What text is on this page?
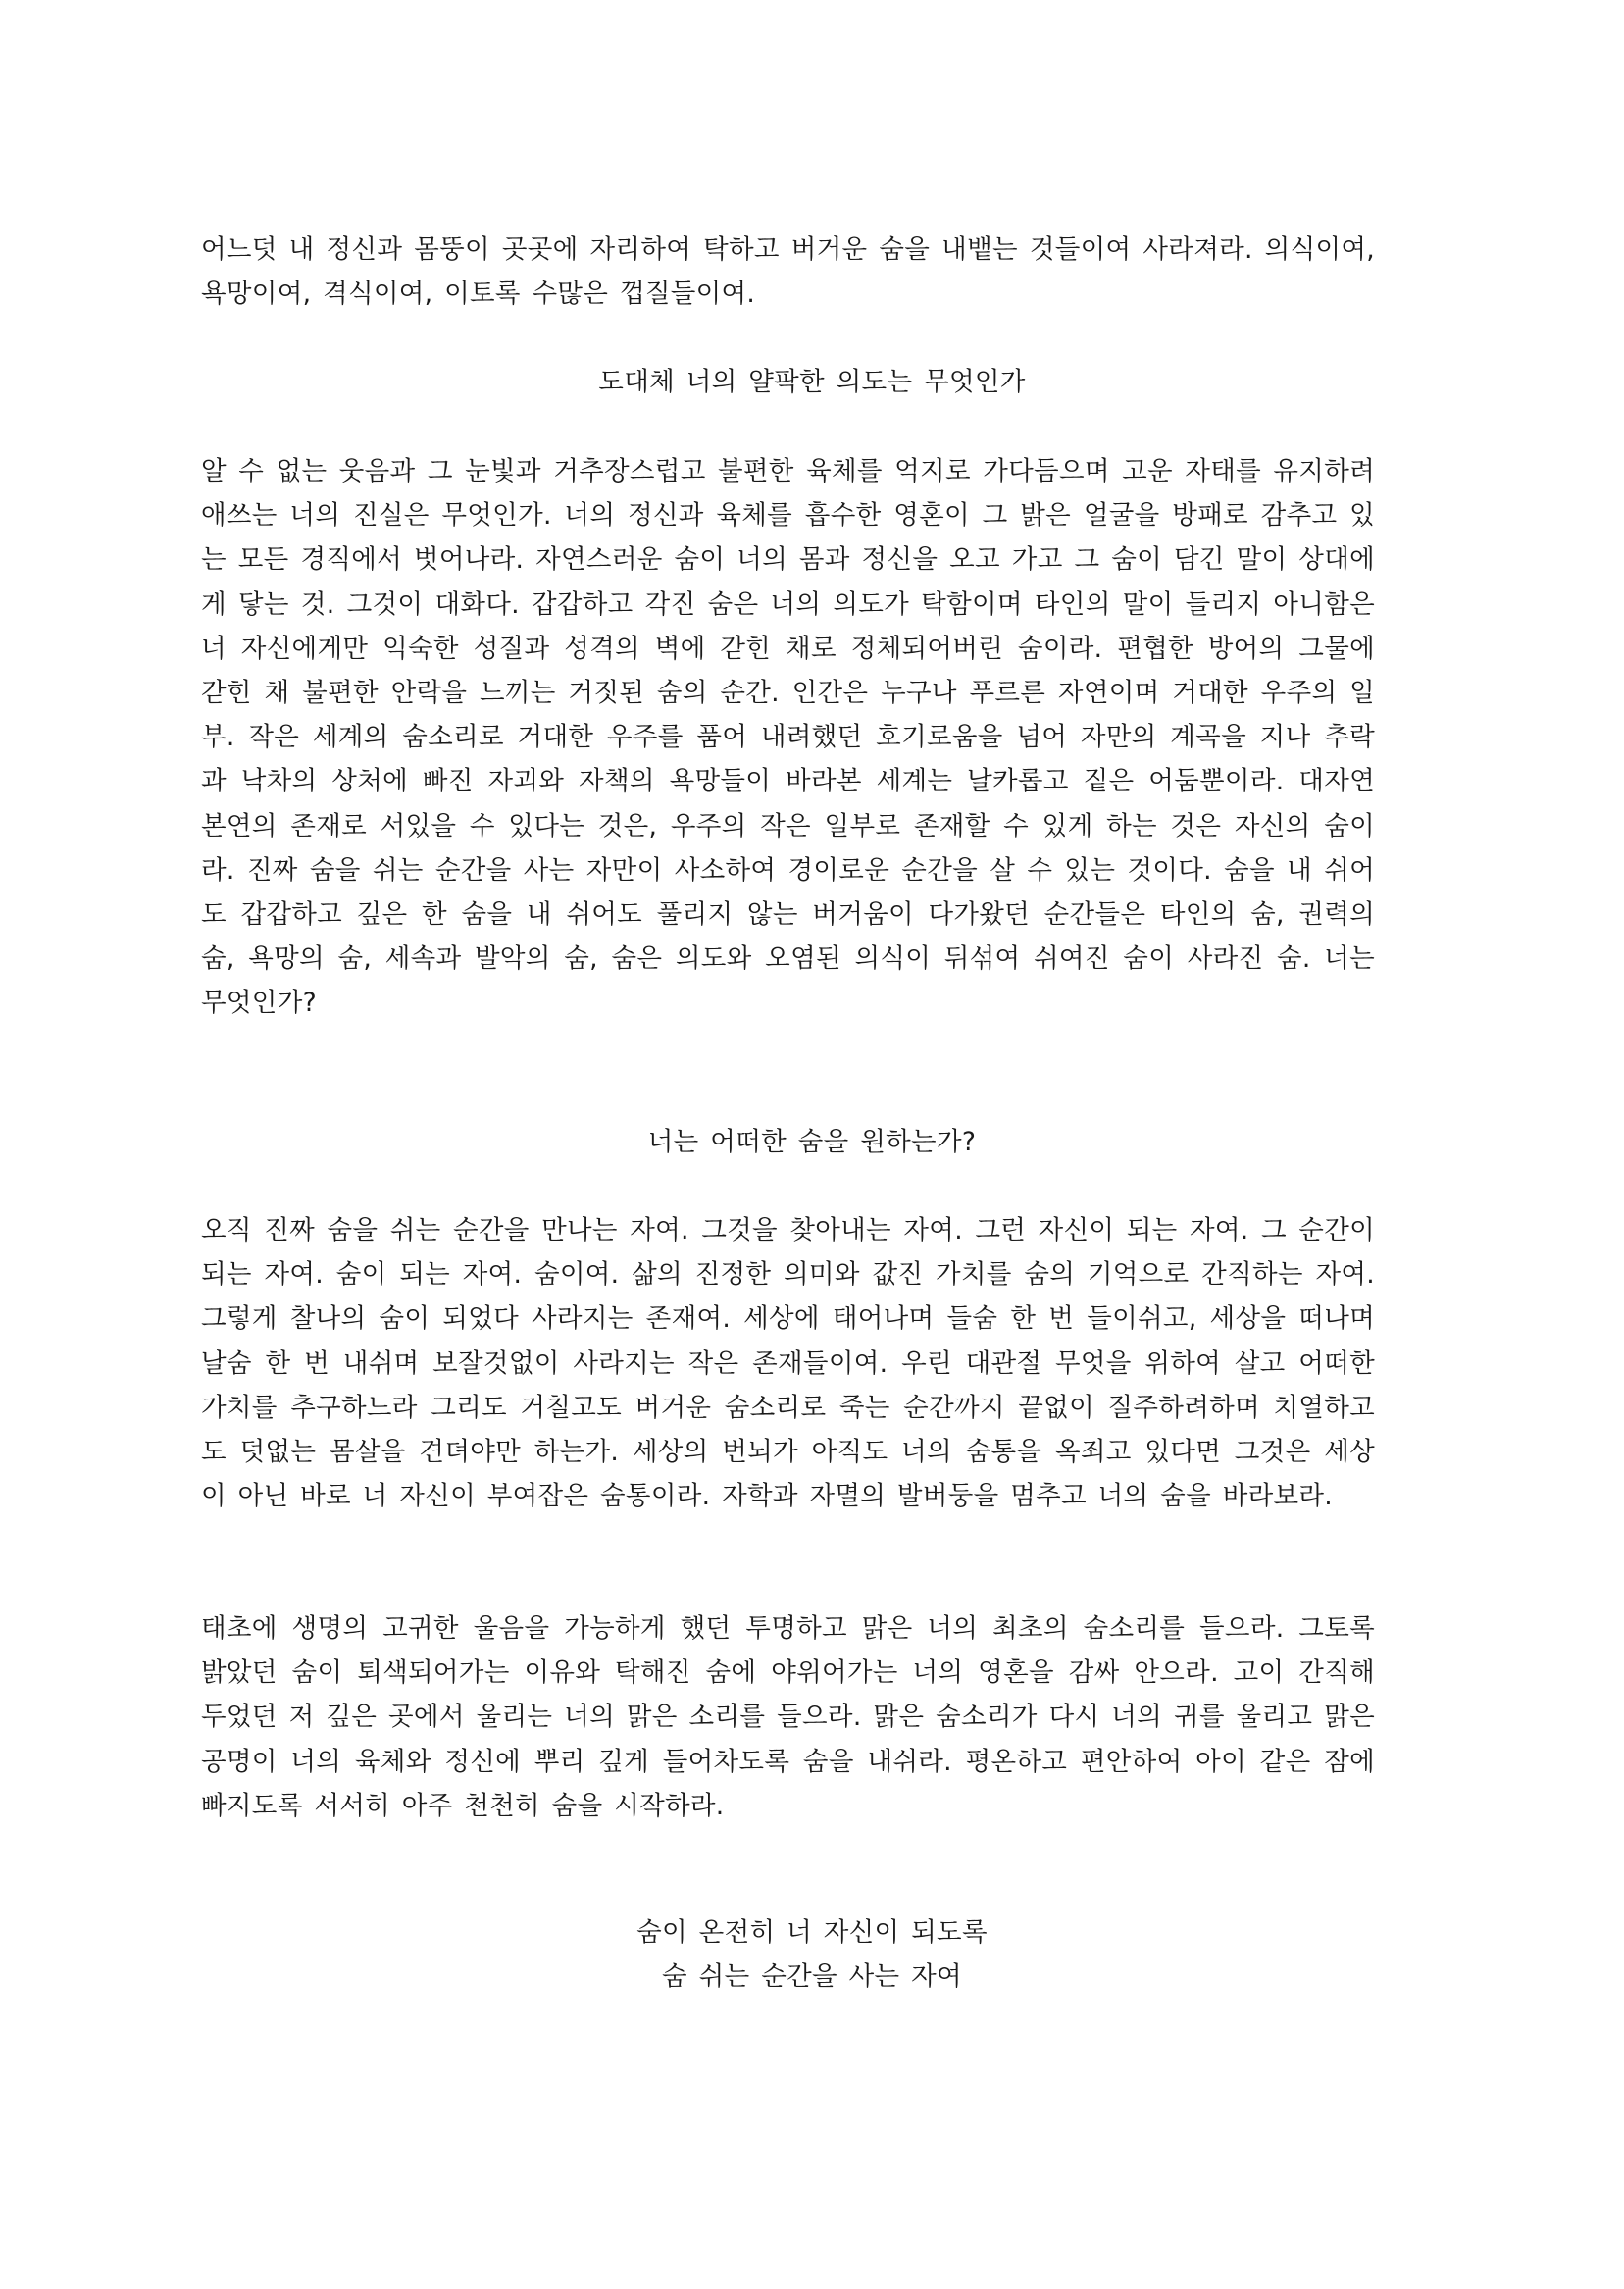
어느덧 내 정신과 몸뚱이 곳곳에 자리하여 탁하고 버거운 숨을 내뱉는 것들이여 사라져라. 의식이여, 욕망이여, 격식이여, 이토록 수많은 껍질들이여.

도대체 너의 얄팍한 의도는 무엇인가

알 수 없는 웃음과 그 눈빛과 거추장스럽고 불편한 육체를 억지로 가다듬으며 고운 자태를 유지하려 애쓰는 너의 진실은 무엇인가. 너의 정신과 육체를 흡수한 영혼이 그 밝은 얼굴을 방패로 감추고 있는 모든 경직에서 벗어나라. 자연스러운 숨이 너의 몸과 정신을 오고 가고 그 숨이 담긴 말이 상대에게 닿는 것. 그것이 대화다. 갑갑하고 각진 숨은 너의 의도가 탁함이며 타인의 말이 들리지 아니함은 너 자신에게만 익숙한 성질과 성격의 벽에 갇힌 채로 정체되어버린 숨이라. 편협한 방어의 그물에 갇힌 채 불편한 안락을 느끼는 거짓된 숨의 순간. 인간은 누구나 푸르른 자연이며 거대한 우주의 일부. 작은 세계의 숨소리로 거대한 우주를 품어 내려했던 호기로움을 넘어 자만의 계곡을 지나 추락과 낙차의 상처에 빠진 자괴와 자책의 욕망들이 바라본 세계는 날카롭고 짙은 어둠뿐이라. 대자연 본연의 존재로 서있을 수 있다는 것은, 우주의 작은 일부로 존재할 수 있게 하는 것은 자신의 숨이라. 진짜 숨을 쉬는 순간을 사는 자만이 사소하여 경이로운 순간을 살 수 있는 것이다. 숨을 내 쉬어도 갑갑하고 깊은 한 숨을 내 쉬어도 풀리지 않는 버거움이 다가왔던 순간들은 타인의 숨, 권력의 숨, 욕망의 숨, 세속과 발악의 숨, 숨은 의도와 오염된 의식이 뒤섞여 쉬여진 숨이 사라진 숨. 너는 무엇인가?

너는 어떠한 숨을 원하는가?

오직 진짜 숨을 쉬는 순간을 만나는 자여. 그것을 찾아내는 자여. 그런 자신이 되는 자여. 그 순간이 되는 자여. 숨이 되는 자여. 숨이여. 삶의 진정한 의미와 값진 가치를 숨의 기억으로 간직하는 자여. 그렇게 찰나의 숨이 되었다 사라지는 존재여. 세상에 태어나며 들숨 한 번 들이쉬고, 세상을 떠나며 날숨 한 번 내쉬며 보잘것없이 사라지는 작은 존재들이여. 우린 대관절 무엇을 위하여 살고 어떠한 가치를 추구하느라 그리도 거칠고도 버거운 숨소리로 죽는 순간까지 끝없이 질주하려하며 치열하고도 덧없는 몸살을 견뎌야만 하는가. 세상의 번뇌가 아직도 너의 숨통을 옥죄고 있다면 그것은 세상이 아닌 바로 너 자신이 부여잡은 숨통이라. 자학과 자멸의 발버둥을 멈추고 너의 숨을 바라보라.

태초에 생명의 고귀한 울음을 가능하게 했던 투명하고 맑은 너의 최초의 숨소리를 들으라. 그토록 밝았던 숨이 퇴색되어가는 이유와 탁해진 숨에 야위어가는 너의 영혼을 감싸 안으라. 고이 간직해 두었던 저 깊은 곳에서 울리는 너의 맑은 소리를 들으라. 맑은 숨소리가 다시 너의 귀를 울리고 맑은 공명이 너의 육체와 정신에 뿌리 깊게 들어차도록 숨을 내쉬라. 평온하고 편안하여 아이 같은 잠에 빠지도록 서서히 아주 천천히 숨을 시작하라.

숨이 온전히 너 자신이 되도록

숨 쉬는 순간을 사는 자여
